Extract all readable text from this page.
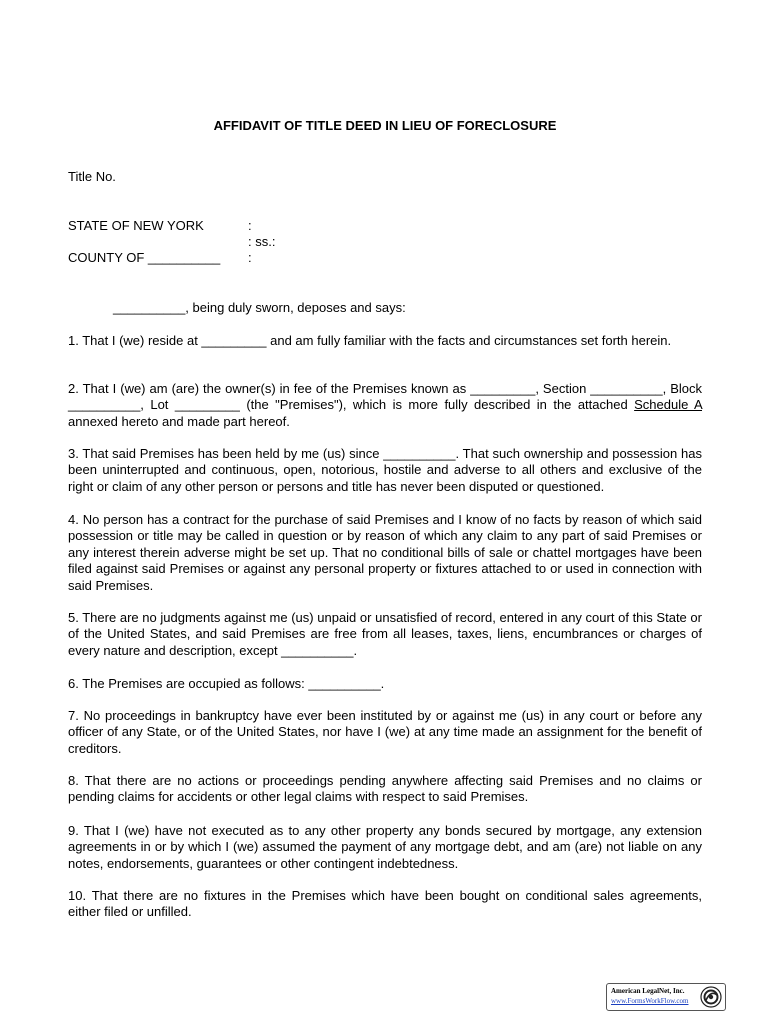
AFFIDAVIT OF TITLE DEED IN LIEU OF FORECLOSURE
Title No.
STATE OF NEW YORK	:
: ss.:
COUNTY OF __________ :
__________, being duly sworn, deposes and says:
1. That I (we) reside at _________ and am fully familiar with the facts and circumstances set forth herein.
2. That I (we) am (are) the owner(s) in fee of the Premises known as _________, Section __________, Block __________, Lot _________ (the "Premises"), which is more fully described in the attached Schedule A annexed hereto and made part hereof.
3. That said Premises has been held by me (us) since __________. That such ownership and possession has been uninterrupted and continuous, open, notorious, hostile and adverse to all others and exclusive of the right or claim of any other person or persons and title has never been disputed or questioned.
4. No person has a contract for the purchase of said Premises and I know of no facts by reason of which said possession or title may be called in question or by reason of which any claim to any part of said Premises or any interest therein adverse might be set up. That no conditional bills of sale or chattel mortgages have been filed against said Premises or against any personal property or fixtures attached to or used in connection with said Premises.
5. There are no judgments against me (us) unpaid or unsatisfied of record, entered in any court of this State or of the United States, and said Premises are free from all leases, taxes, liens, encumbrances or charges of every nature and description, except __________.
6. The Premises are occupied as follows: __________.
7. No proceedings in bankruptcy have ever been instituted by or against me (us) in any court or before any officer of any State, or of the United States, nor have I (we) at any time made an assignment for the benefit of creditors.
8. That there are no actions or proceedings pending anywhere affecting said Premises and no claims or pending claims for accidents or other legal claims with respect to said Premises.
9. That I (we) have not executed as to any other property any bonds secured by mortgage, any extension agreements in or by which I (we) assumed the payment of any mortgage debt, and am (are) not liable on any notes, endorsements, guarantees or other contingent indebtedness.
10. That there are no fixtures in the Premises which have been bought on conditional sales agreements, either filed or unfilled.
American LegalNet, Inc.
www.FormsWorkFlow.com
